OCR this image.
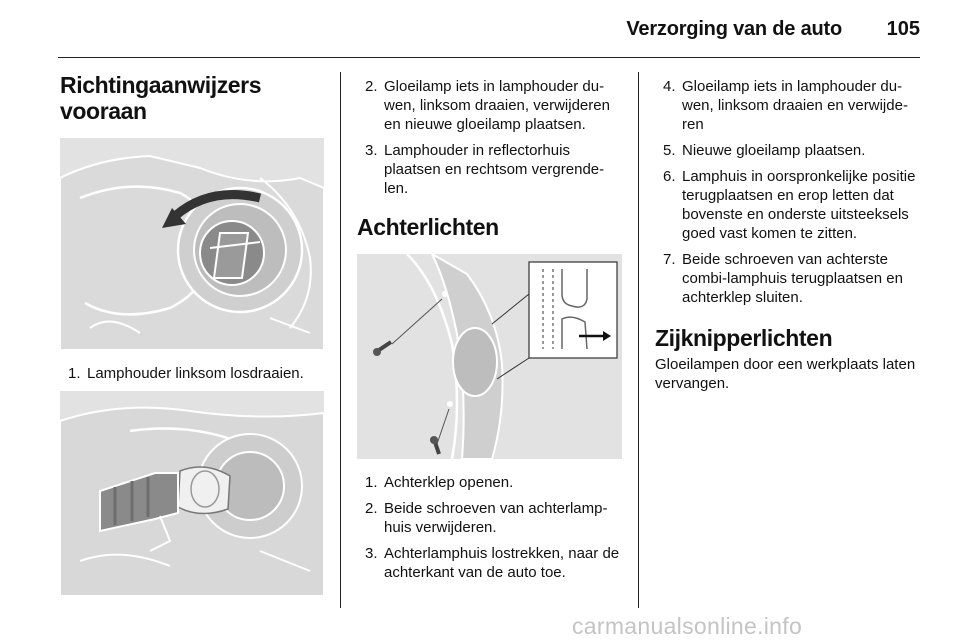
Verzorging van de auto 105
Richtingaanwijzers
vooraan
1. Lamphouder linksom losdraaien.
2. Gloeilamp iets in lamphouder duwen, linksom draaien, verwijderen en nieuwe gloeilamp plaatsen.
3. Lamphouder in reflectorhuis plaatsen en rechtsom vergrendelen.
Achterlichten
1. Achterklep openen.
2. Beide schroeven van achterlamphuis verwijderen.
3. Achterlamphuis lostrekken, naar de achterkant van de auto toe.
4. Gloeilamp iets in lamphouder duwen, linksom draaien en verwijderen
5. Nieuwe gloeilamp plaatsen.
6. Lamphuis in oorspronkelijke positie terugplaatsen en erop letten dat bovenste en onderste uitsteeksels goed vast komen te zitten.
7. Beide schroeven van achterste combi-lamphuis terugplaatsen en achterklep sluiten.
Zijknipperlichten

Gloeilampen door een werkplaats laten vervangen.

carmanualsonline.info
